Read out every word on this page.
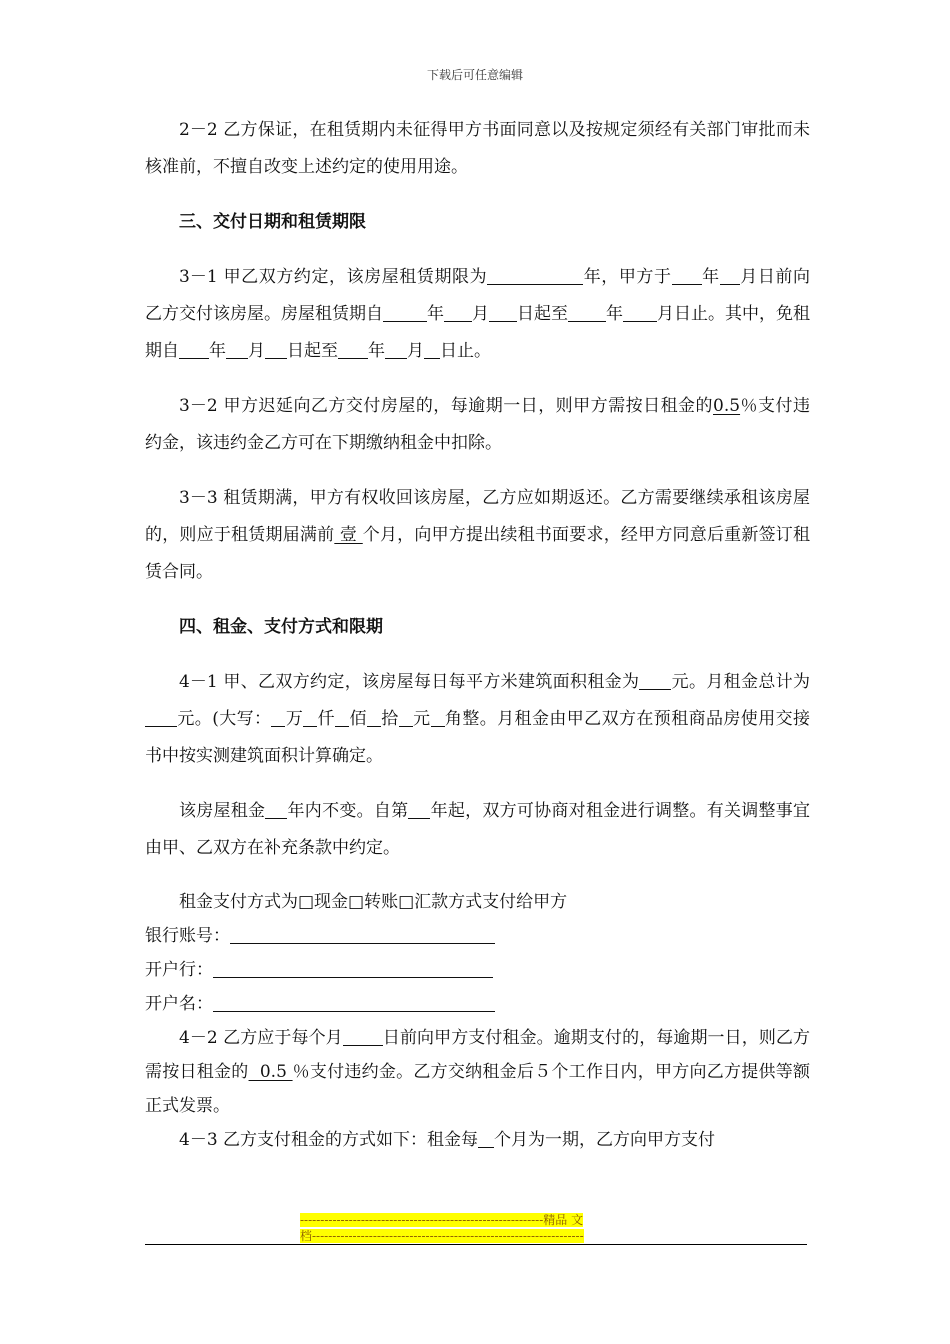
下载后可任意编辑

2－2 乙方保证，在租赁期内未征得甲方书面同意以及按规定须经有关部门审批而未核准前，不擅自改变上述约定的使用用途。

三、交付日期和租赁期限

3－1 甲乙双方约定，该房屋租赁期限为	年，甲方于 年 月日前向乙方交付该房屋。房屋租赁期自	年 月 日起至 年 月日止。其中，免租期自 年 月 日起至 年 月 日止。

3－2 甲方迟延向乙方交付房屋的，每逾期一日，则甲方需按日租金的0.5％支付违约金，该违约金乙方可在下期缴纳租金中扣除。

3－3 租赁期满，甲方有权收回该房屋，乙方应如期返还。乙方需要继续承租该房屋的，则应于租赁期届满前 壹 个月，向甲方提出续租书面要求，经甲方同意后重新签订租赁合同。

四、租金、支付方式和限期

4－1 甲、乙双方约定，该房屋每日每平方米建筑面积租金为 元。月租金总计为元。(大写： 万 仟 佰 拾 元 角整。月租金由甲乙双方在预租商品房使用交接书中按实测建筑面积计算确定。

该房屋租金 年内不变。自第 年起，双方可协商对租金进行调整。有关调整事宜由甲、乙双方在补充条款中约定。

租金支付方式为□现金□转账□汇款方式支付给甲方

银行账号：

开户行：

开户名：

4－2 乙方应于每个月 日前向甲方支付租金。逾期支付的，每逾期一日，则乙方需按日租金的  0.5 ％支付违约金。乙方交纳租金后５个工作日内，甲方向乙方提供等额正式发票。

4－3 乙方支付租金的方式如下：租金每 个月为一期，乙方向甲方支付

------------------------------------------------------------精品 文
档-------------------------------------------------------------------
